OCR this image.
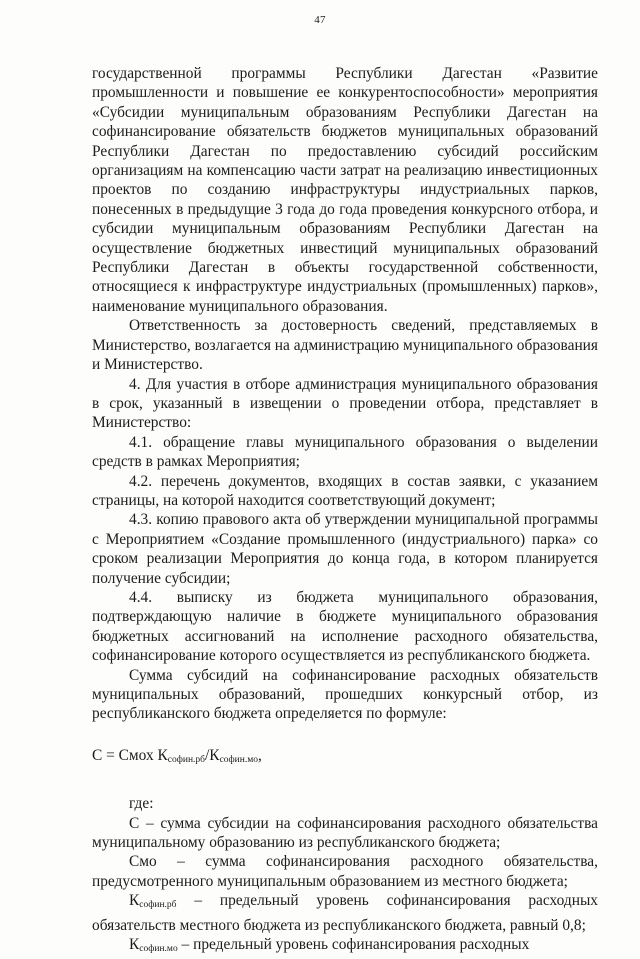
47

государственной программы Республики Дагестан «Развитие промышленности и повышение ее конкурентоспособности» мероприятия «Субсидии муниципальным образованиям Республики Дагестан на софинансирование обязательств бюджетов муниципальных образований Республики Дагестан по предоставлению субсидий российским организациям на компенсацию части затрат на реализацию инвестиционных проектов по созданию инфраструктуры индустриальных парков, понесенных в предыдущие 3 года до года проведения конкурсного отбора, и субсидии муниципальным образованиям Республики Дагестан на осуществление бюджетных инвестиций муниципальных образований Республики Дагестан в объекты государственной собственности, относящиеся к инфраструктуре индустриальных (промышленных) парков», наименование муниципального образования.

Ответственность за достоверность сведений, представляемых в Министерство, возлагается на администрацию муниципального образования и Министерство.

4. Для участия в отборе администрация муниципального образования в срок, указанный в извещении о проведении отбора, представляет в Министерство:

4.1. обращение главы муниципального образования о выделении средств в рамках Мероприятия;

4.2. перечень документов, входящих в состав заявки, с указанием страницы, на которой находится соответствующий документ;

4.3. копию правового акта об утверждении муниципальной программы с Мероприятием «Создание промышленного (индустриального) парка» со сроком реализации Мероприятия до конца года, в котором планируется получение субсидии;

4.4. выписку из бюджета муниципального образования, подтверждающую наличие в бюджете муниципального образования бюджетных ассигнований на исполнение расходного обязательства, софинансирование которого осуществляется из республиканского бюджета.

Сумма субсидий на софинансирование расходных обязательств муниципальных образований, прошедших конкурсный отбор, из республиканского бюджета определяется по формуле:

С = Смох $К_{софин.рб}/К_{софин.мо}$,

где:

С – сумма субсидии на софинансирования расходного обязательства муниципальному образованию из республиканского бюджета;

Смо – сумма софинансирования расходного обязательства, предусмотренного муниципальным образованием из местного бюджета;

$К_{софин.рб}$ – предельный уровень софинансирования расходных обязательств местного бюджета из республиканского бюджета, равный 0,8;

$К_{софин.мо}$ – предельный уровень софинансирования расходных
